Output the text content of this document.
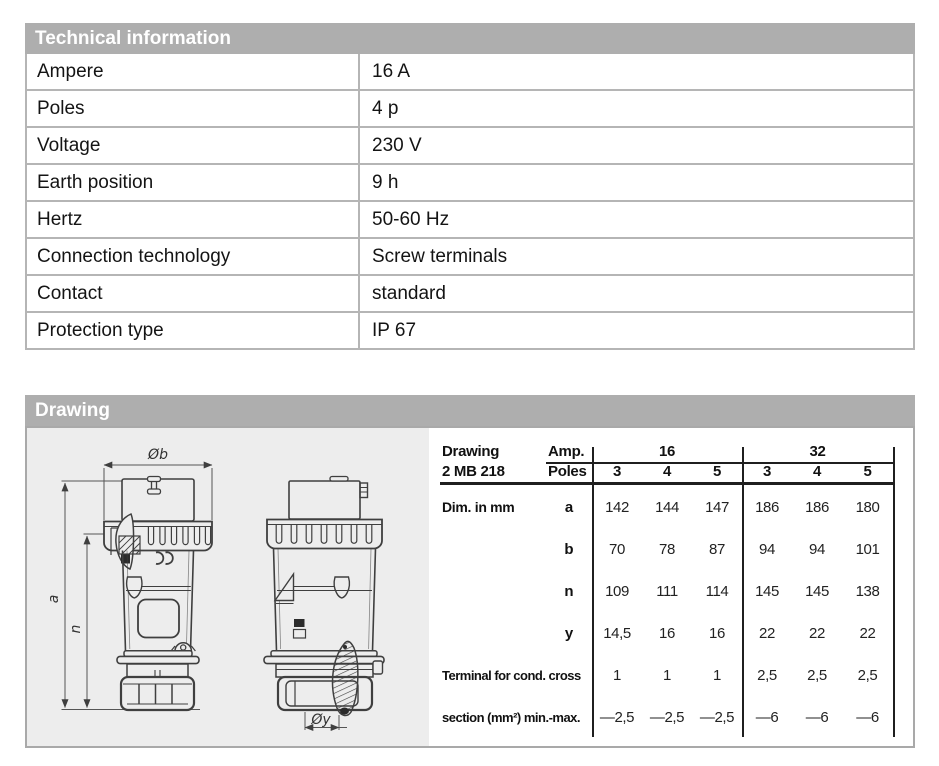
Technical information
Ampere	16 A
Poles	4 p
Voltage	230 V
Earth position	9 h
Hertz	50-60 Hz
Connection technology	Screw terminals
Contact	standard
Protection type	IP 67
Drawing
Øb
a
n
Øy
Drawing
2 MB 218
Amp.
Poles
16	32
3	4	5	3	4	5
Dim. in mm	a	142	144	147	186	186	180
b	70	78	87	94	94	101
n	109	111	114	145	145	138
y	14,5	16	16	22	22	22
Terminal for cond. cross	1	1	1	2,5	2,5	2,5
section (mm²) min.-max.	—2,5	—2,5	—2,5	—6	—6	—6
